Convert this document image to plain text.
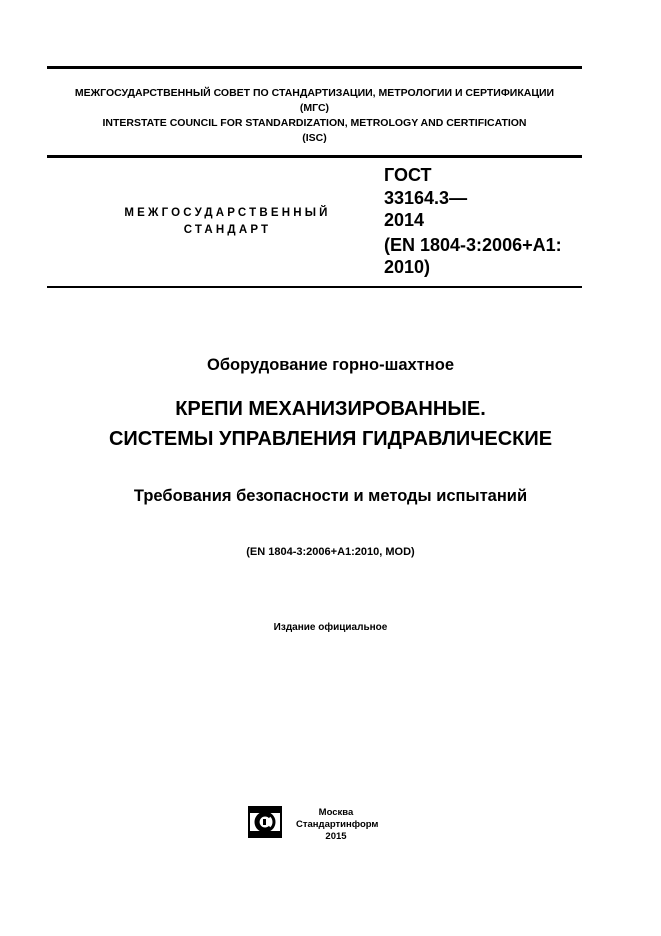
МЕЖГОСУДАРСТВЕННЫЙ СОВЕТ ПО СТАНДАРТИЗАЦИИ, МЕТРОЛОГИИ И СЕРТИФИКАЦИИ
(МГС)
INTERSTATE COUNCIL FOR STANDARDIZATION, METROLOGY AND CERTIFICATION
(ISC)
МЕЖГОСУДАРСТВЕННЫЙ
СТАНДАРТ
ГОСТ
33164.3—
2014
(EN 1804-3:2006+A1:
2010)
Оборудование горно-шахтное
КРЕПИ МЕХАНИЗИРОВАННЫЕ.
СИСТЕМЫ УПРАВЛЕНИЯ ГИДРАВЛИЧЕСКИЕ
Требования безопасности и методы испытаний
(EN 1804-3:2006+A1:2010, MOD)
Издание официальное
Москва
Стандартинформ
2015
